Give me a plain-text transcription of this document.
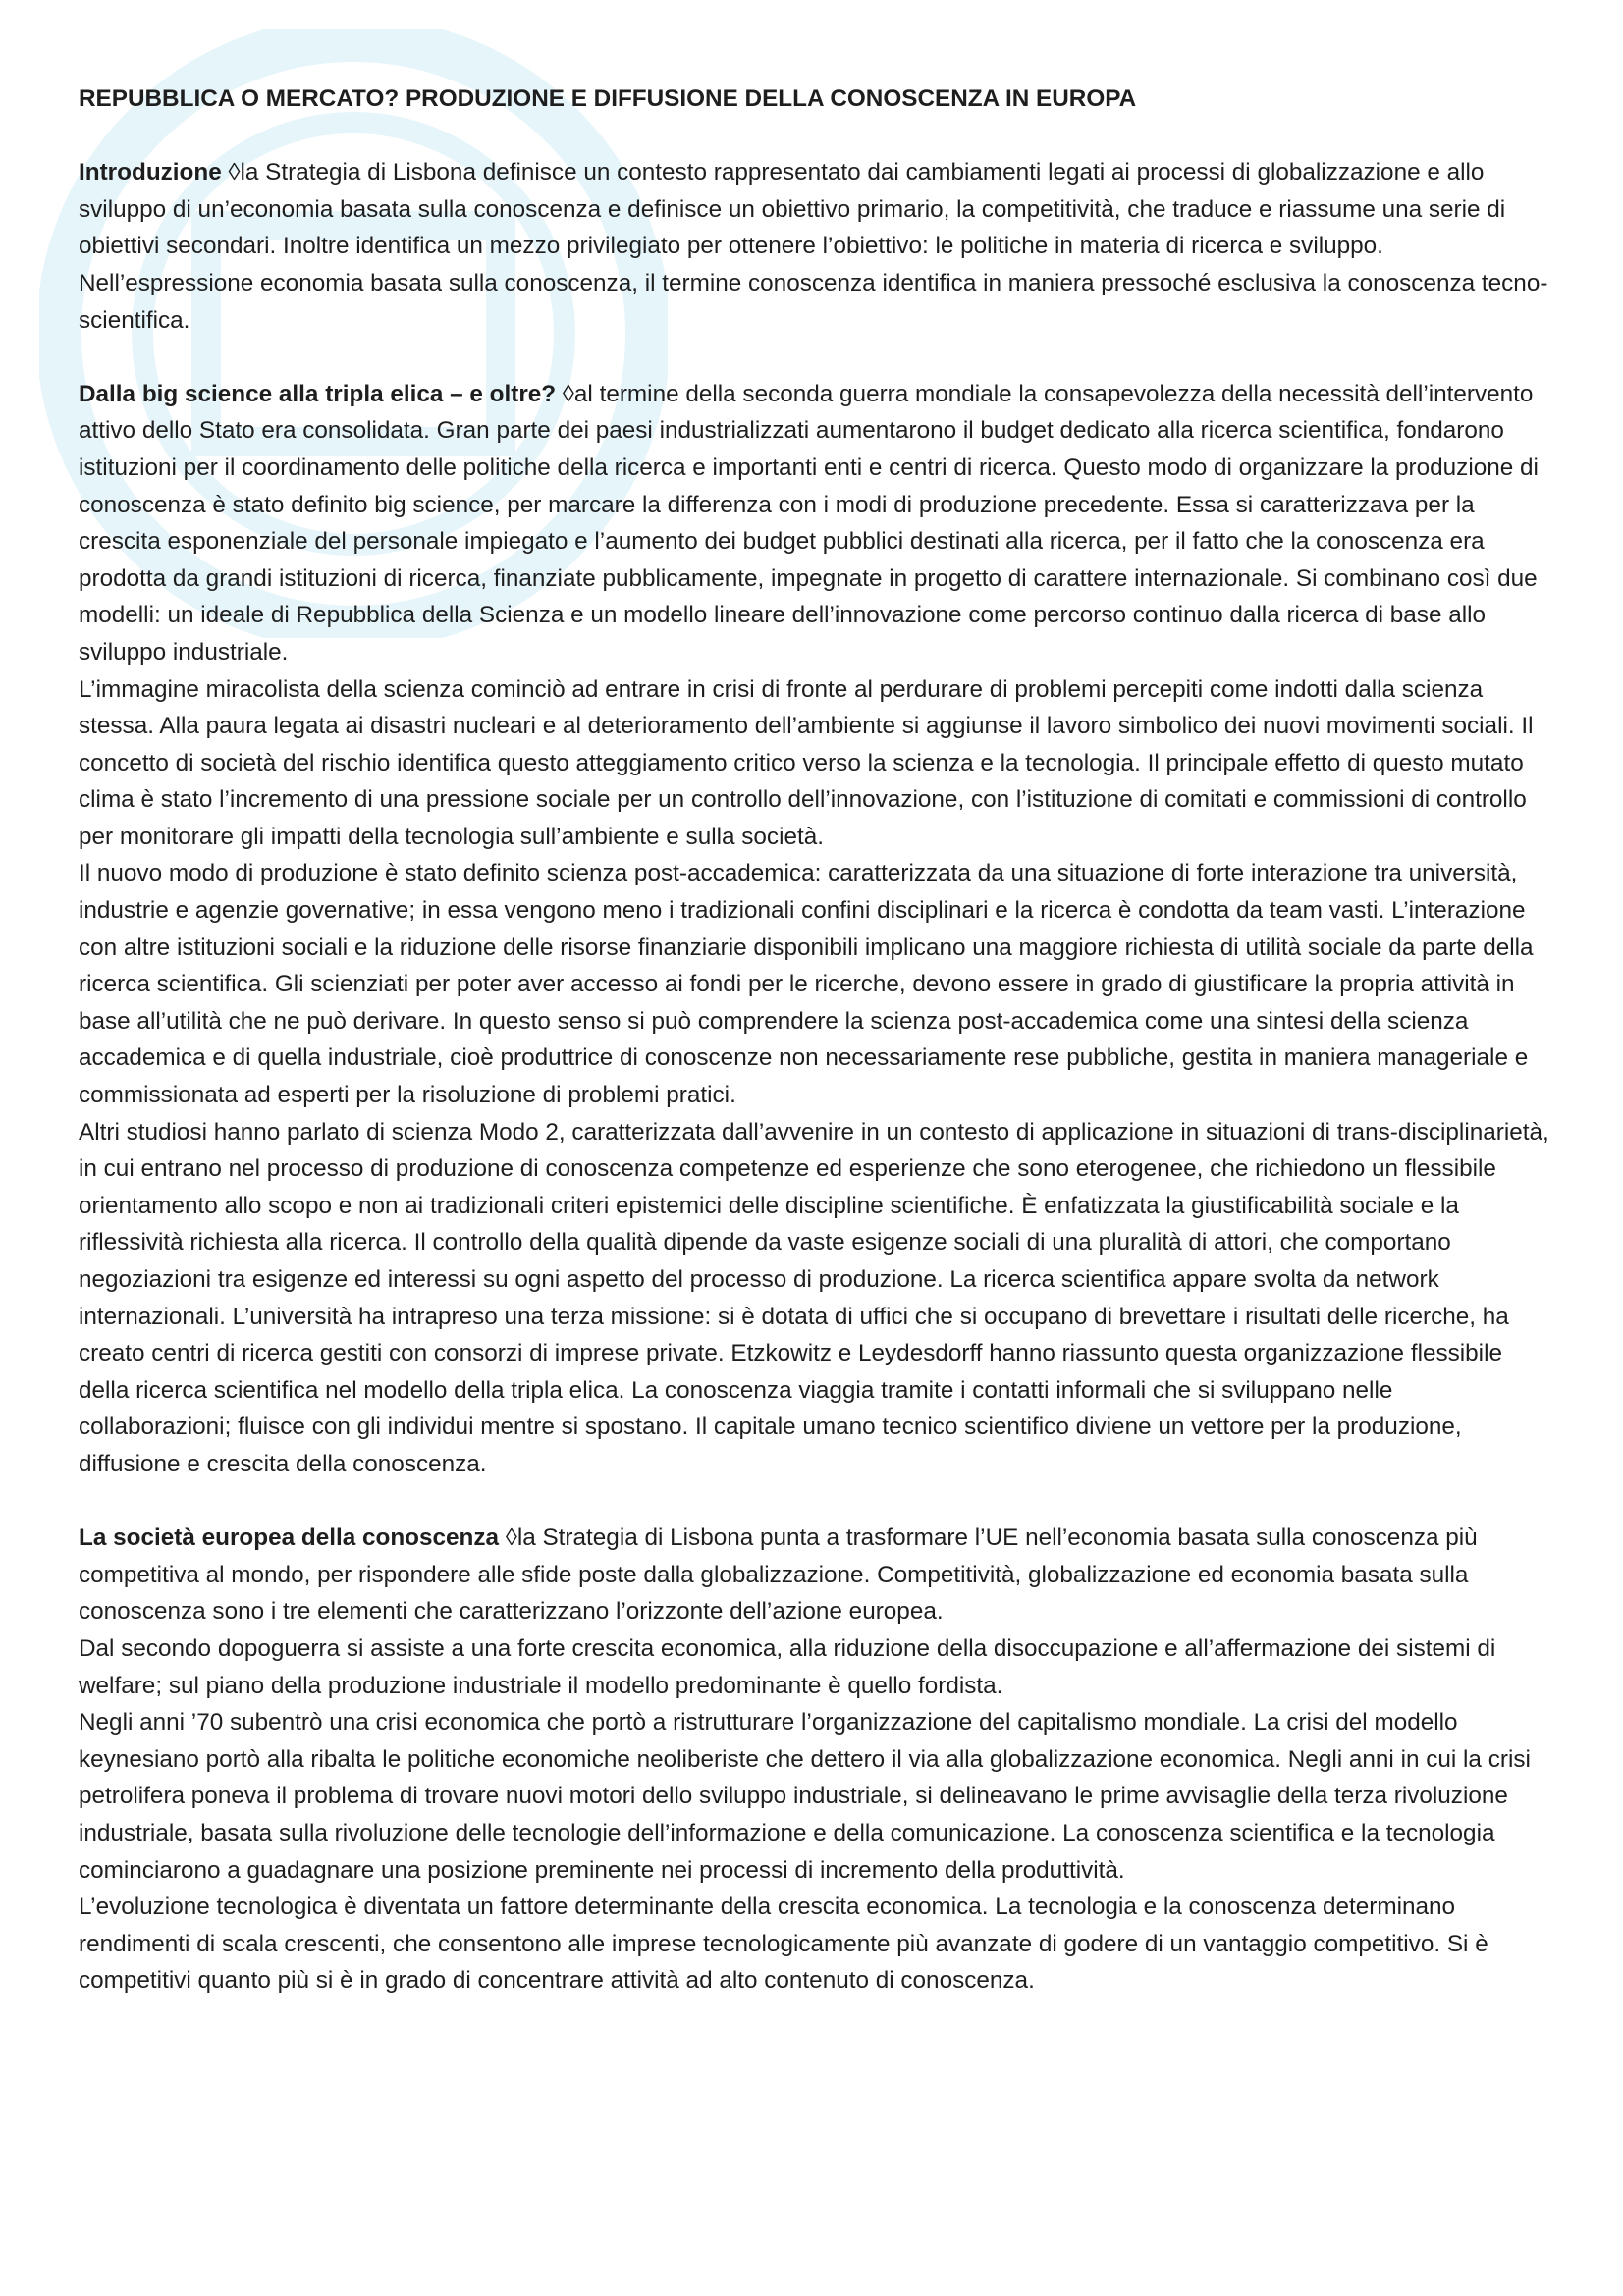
REPUBBLICA O MERCATO? PRODUZIONE E DIFFUSIONE DELLA CONOSCENZA IN EUROPA

Introduzione ◊la Strategia di Lisbona definisce un contesto rappresentato dai cambiamenti legati ai processi di globalizzazione e allo sviluppo di un’economia basata sulla conoscenza e definisce un obiettivo primario, la competitività, che traduce e riassume una serie di obiettivi secondari. Inoltre identifica un mezzo privilegiato per ottenere l’obiettivo: le politiche in materia di ricerca e sviluppo. Nell’espressione economia basata sulla conoscenza, il termine conoscenza identifica in maniera pressoché esclusiva la conoscenza tecno-scientifica.

Dalla big science alla tripla elica – e oltre? ◊al termine della seconda guerra mondiale la consapevolezza della necessità dell’intervento attivo dello Stato era consolidata. Gran parte dei paesi industrializzati aumentarono il budget dedicato alla ricerca scientifica, fondarono istituzioni per il coordinamento delle politiche della ricerca e importanti enti e centri di ricerca. Questo modo di organizzare la produzione di conoscenza è stato definito big science, per marcare la differenza con i modi di produzione precedente. Essa si caratterizzava per la crescita esponenziale del personale impiegato e l’aumento dei budget pubblici destinati alla ricerca, per il fatto che la conoscenza era prodotta da grandi istituzioni di ricerca, finanziate pubblicamente, impegnate in progetto di carattere internazionale. Si combinano così due modelli: un ideale di Repubblica della Scienza e un modello lineare dell’innovazione come percorso continuo dalla ricerca di base allo sviluppo industriale.

L’immagine miracolista della scienza cominciò ad entrare in crisi di fronte al perdurare di problemi percepiti come indotti dalla scienza stessa. Alla paura legata ai disastri nucleari e al deterioramento dell’ambiente si aggiunse il lavoro simbolico dei nuovi movimenti sociali. Il concetto di società del rischio identifica questo atteggiamento critico verso la scienza e la tecnologia. Il principale effetto di questo mutato clima è stato l’incremento di una pressione sociale per un controllo dell’innovazione, con l’istituzione di comitati e commissioni di controllo per monitorare gli impatti della tecnologia sull’ambiente e sulla società.

Il nuovo modo di produzione è stato definito scienza post-accademica: caratterizzata da una situazione di forte interazione tra università, industrie e agenzie governative; in essa vengono meno i tradizionali confini disciplinari e la ricerca è condotta da team vasti. L’interazione con altre istituzioni sociali e la riduzione delle risorse finanziarie disponibili implicano una maggiore richiesta di utilità sociale da parte della ricerca scientifica. Gli scienziati per poter aver accesso ai fondi per le ricerche, devono essere in grado di giustificare la propria attività in base all’utilità che ne può derivare. In questo senso si può comprendere la scienza post-accademica come una sintesi della scienza accademica e di quella industriale, cioè produttrice di conoscenze non necessariamente rese pubbliche, gestita in maniera manageriale e commissionata ad esperti per la risoluzione di problemi pratici.

Altri studiosi hanno parlato di scienza Modo 2, caratterizzata dall’avvenire in un contesto di applicazione in situazioni di trans-disciplinarietà, in cui entrano nel processo di produzione di conoscenza competenze ed esperienze che sono eterogenee, che richiedono un flessibile orientamento allo scopo e non ai tradizionali criteri epistemici delle discipline scientifiche. È enfatizzata la giustificabilità sociale e la riflessività richiesta alla ricerca. Il controllo della qualità dipende da vaste esigenze sociali di una pluralità di attori, che comportano negoziazioni tra esigenze ed interessi su ogni aspetto del processo di produzione. La ricerca scientifica appare svolta da network internazionali. L’università ha intrapreso una terza missione: si è dotata di uffici che si occupano di brevettare i risultati delle ricerche, ha creato centri di ricerca gestiti con consorzi di imprese private. Etzkowitz e Leydesdorff hanno riassunto questa organizzazione flessibile della ricerca scientifica nel modello della tripla elica. La conoscenza viaggia tramite i contatti informali che si sviluppano nelle collaborazioni; fluisce con gli individui mentre si spostano. Il capitale umano tecnico scientifico diviene un vettore per la produzione, diffusione e crescita della conoscenza.

La società europea della conoscenza ◊la Strategia di Lisbona punta a trasformare l’UE nell’economia basata sulla conoscenza più competitiva al mondo, per rispondere alle sfide poste dalla globalizzazione. Competitività, globalizzazione ed economia basata sulla conoscenza sono i tre elementi che caratterizzano l’orizzonte dell’azione europea.

Dal secondo dopoguerra si assiste a una forte crescita economica, alla riduzione della disoccupazione e all’affermazione dei sistemi di welfare; sul piano della produzione industriale il modello predominante è quello fordista.

Negli anni ’70 subentrò una crisi economica che portò a ristrutturare l’organizzazione del capitalismo mondiale. La crisi del modello keynesiano portò alla ribalta le politiche economiche neoliberiste che dettero il via alla globalizzazione economica. Negli anni in cui la crisi petrolifera poneva il problema di trovare nuovi motori dello sviluppo industriale, si delineavano le prime avvisaglie della terza rivoluzione industriale, basata sulla rivoluzione delle tecnologie dell’informazione e della comunicazione. La conoscenza scientifica e la tecnologia cominciarono a guadagnare una posizione preminente nei processi di incremento della produttività.

L’evoluzione tecnologica è diventata un fattore determinante della crescita economica. La tecnologia e la conoscenza determinano rendimenti di scala crescenti, che consentono alle imprese tecnologicamente più avanzate di godere di un vantaggio competitivo. Si è competitivi quanto più si è in grado di concentrare attività ad alto contenuto di conoscenza.
